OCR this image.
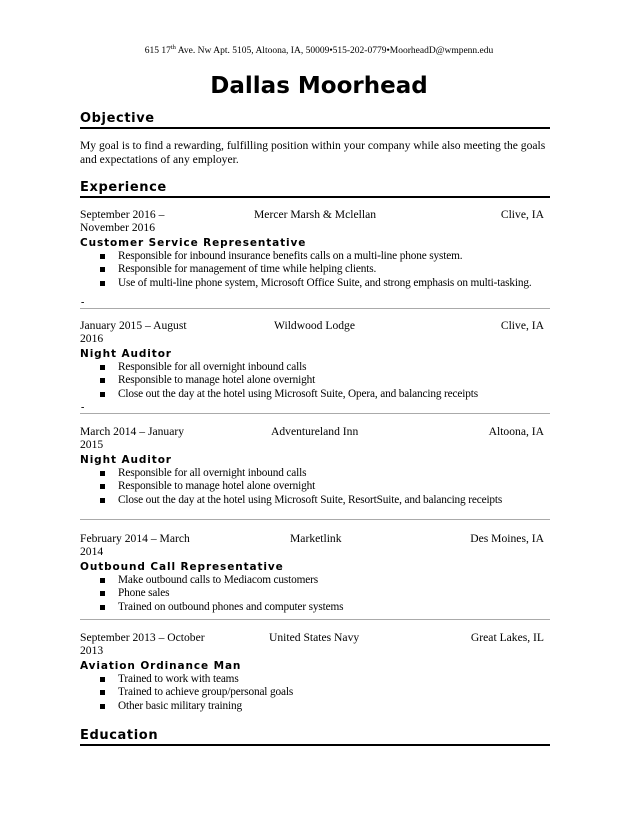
615 17th Ave. Nw Apt. 5105, Altoona, IA, 50009•515-202-0779•MoorheadD@wmpenn.edu
Dallas Moorhead
Objective
My goal is to find a rewarding, fulfilling position within your company while also meeting the goals and expectations of any employer.
Experience
September 2016 – November 2016
Mercer Marsh & Mclellan	Clive, IA
Customer Service Representative
Responsible for inbound insurance benefits calls on a multi-line phone system.
Responsible for management of time while helping clients.
Use of multi-line phone system, Microsoft Office Suite, and strong emphasis on multi-tasking.
-
January 2015 – August 2016
Wildwood Lodge	Clive, IA
Night Auditor
Responsible for all overnight inbound calls
Responsible to manage hotel alone overnight
Close out the day at the hotel using Microsoft Suite, Opera, and balancing receipts
-
March 2014 – January 2015
Adventureland Inn	Altoona, IA
Night Auditor
Responsible for all overnight inbound calls
Responsible to manage hotel alone overnight
Close out the day at the hotel using Microsoft Suite, ResortSuite, and balancing receipts
February 2014 – March 2014
Marketlink	Des Moines, IA
Outbound Call Representative
Make outbound calls to Mediacom customers
Phone sales
Trained on outbound phones and computer systems
September 2013 – October 2013
United States Navy	Great Lakes, IL
Aviation Ordinance Man
Trained to work with teams
Trained to achieve group/personal goals
Other basic military training
Education
